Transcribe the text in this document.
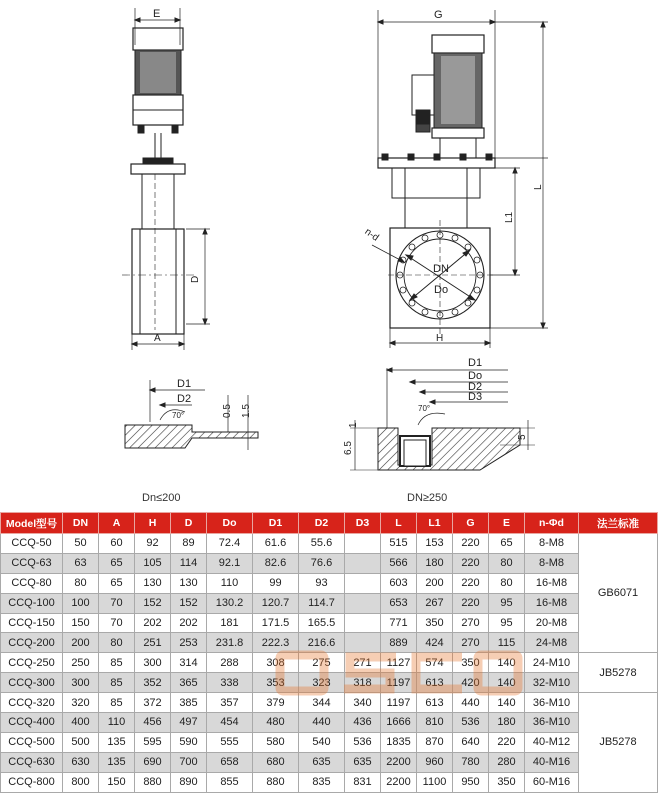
E
D
A
G
L
L1
H
n-d
DN
Do
D1
D2
70°	0.5 1.5
D1
Do
D2
D3
70°
6.5
1
5
Dn≤200	DN≥250
Model型号	DN	A	H	D	Do	D1	D2	D3	L	L1	G	E	n-Φd	法兰标准
CCQ-50	50	60	92	89	72.4	61.6	55.6		515	153	220	65	8-M8	GB6071
CCQ-63	63	65	105	114	92.1	82.6	76.6		566	180	220	80	8-M8	
CCQ-80	80	65	130	130	110	99	93		603	200	220	80	16-M8	
CCQ-100	100	70	152	152	130.2	120.7	114.7		653	267	220	95	16-M8	
CCQ-150	150	70	202	202	181	171.5	165.5		771	350	270	95	20-M8	
CCQ-200	200	80	251	253	231.8	222.3	216.6		889	424	270	115	24-M8	
CCQ-250	250	85	300	314	288	308	275	271	1127	574	350	140	24-M10	JB5278
CCQ-300	300	85	352	365	338	353	323	318	1197	613	420	140	32-M10	
CCQ-320	320	85	372	385	357	379	344	340	1197	613	440	140	36-M10	JB5278
CCQ-400	400	110	456	497	454	480	440	436	1666	810	536	180	36-M10	
CCQ-500	500	135	595	590	555	580	540	536	1835	870	640	220	40-M12	
CCQ-630	630	135	690	700	658	680	635	635	2200	960	780	280	40-M16	
CCQ-800	800	150	880	890	855	880	835	831	2200	1100	950	350	60-M16	
